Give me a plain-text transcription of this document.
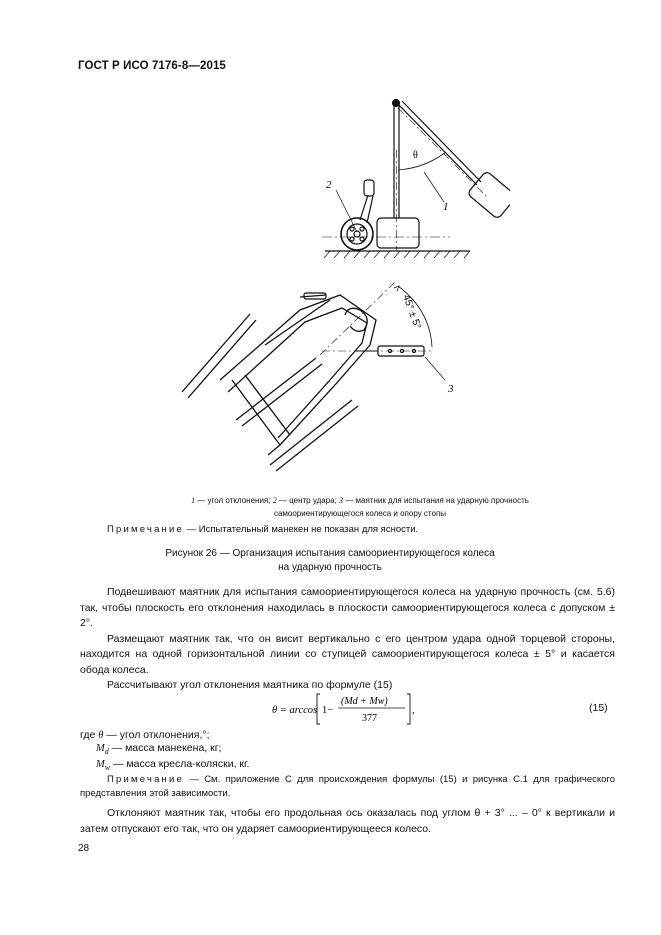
ГОСТ Р ИСО 7176-8—2015
2
1
θ
45° ± 5°
3
1 — угол отклонения; 2 — центр удара; 3 — маятник для испытания на ударную прочность
самоориентирующегося колеса и опору стопы
Примечание — Испытательный манекен не показан для ясности.
Рисунок 26 — Организация испытания самоориентирующегося колеса
на ударную прочность

Подвешивают маятник для испытания самоориентирующегося колеса на ударную прочность (см. 5.6) так, чтобы плоскость его отклонения находилась в плоскости самоориентирующегося колеса с допуском ± 2°.

Размещают маятник так, что он висит вертикально с его центром удара одной торцевой стороны, находится на одной горизонтальной линии со ступицей самоориентирующегося колеса ± 5° и касается обода колеса.

Рассчитывают угол отклонения маятника по формуле (15)

θ = arccos 1−
(Md + Mw)
377
,	(15)
где θ — угол отклонения,°;
$M_d$ — масса манекена, кг;
$M_w$ — масса кресла-коляски, кг.
Примечание — См. приложение С для происхождения формулы (15) и рисунка С.1 для графического представления этой зависимости.

Отклоняют маятник так, чтобы его продольная ось оказалась под углом θ + 3° ... – 0° к вертикали и затем отпускают его так, что он ударяет самоориентирующееся колесо.

28
